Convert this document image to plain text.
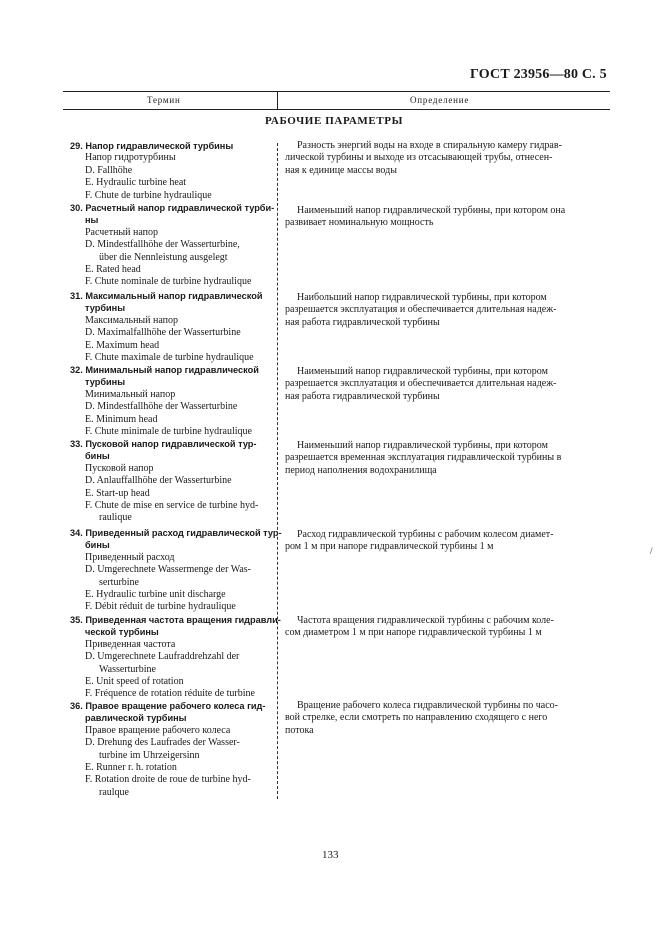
ГОСТ 23956—80 С. 5
Термин	Определение
РАБОЧИЕ ПАРАМЕТРЫ
29. Напор гидравлической турбины
Напор гидротурбины
D. Fallhöhe
E. Hydraulic turbine heat
F. Chute de turbine hydraulique
Разность энергий воды на входе в спиральную камеру гидрав-
лической турбины и выходе из отсасывающей трубы, отнесен-
ная к единице массы воды
30. Расчетный напор гидравлической турби-
ны
Расчетный напор
D. Mindestfallhöhe der Wasserturbine,
über die Nennleistung ausgelegt
E. Rated head
F. Chute nominale de turbine hydraulique
Наименьший напор гидравлической турбины, при котором она
развивает номинальную мощность
31. Максимальный напор гидравлической
турбины
Максимальный напор
D. Maximalfallhöhe der Wasserturbine
E. Maximum head
F. Chute maximale de turbine hydraulique
Наибольший напор гидравлической турбины, при котором
разрешается эксплуатация и обеспечивается длительная надеж-
ная работа гидравлической турбины
32. Минимальный напор гидравлической
турбины
Минимальный напор
D. Mindestfallhöhe der Wasserturbine
E. Minimum head
F. Chute minimale de turbine hydraulique
Наименьший напор гидравлической турбины, при котором
разрешается эксплуатация и обеспечивается длительная надеж-
ная работа гидравлической турбины
33. Пусковой напор гидравлической тур-
бины
Пусковой напор
D. Anlauffallhöhe der Wasserturbine
E. Start-up head
F. Chute de mise en service de turbine hyd-
raulique
Наименьший напор гидравлической турбины, при котором
разрешается временная эксплуатация гидравлической турбины в
период наполнения водохранилища
34. Приведенный расход гидравлической тур-
бины
Приведенный расход
D. Umgerechnete Wassermenge der Was-
serturbine
E. Hydraulic turbine unit discharge
F. Débit réduit de turbine hydraulique
Расход гидравлической турбины с рабочим колесом диамет-
ром 1 м при напоре гидравлической турбины 1 м
35. Приведенная частота вращения гидравли-
ческой турбины
Приведенная частота
D. Umgerechnete Laufraddrehzahl der
Wasserturbine
E. Unit speed of rotation
F. Fréquence de rotation réduite de turbine
Частота вращения гидравлической турбины с рабочим коле-
сом диаметром 1 м при напоре гидравлической турбины 1 м
36. Правое вращение рабочего колеса гид-
равлической турбины
Правое вращение рабочего колеса
D. Drehung des Laufrades der Wasser-
turbine im Uhrzeigersinn
E. Runner r. h. rotation
F. Rotation droite de roue de turbine hyd-
raulque
Вращение рабочего колеса гидравлической турбины по часо-
вой стрелке, если смотреть по направлению сходящего с него
потока
133
/
